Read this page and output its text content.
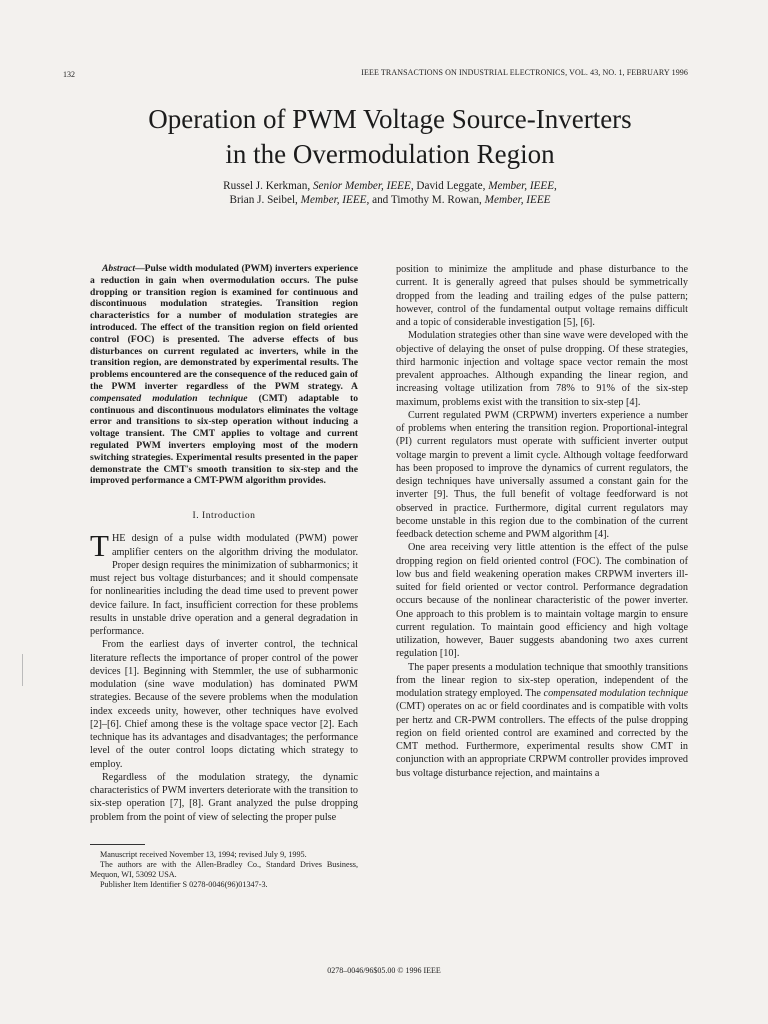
132	IEEE TRANSACTIONS ON INDUSTRIAL ELECTRONICS, VOL. 43, NO. 1, FEBRUARY 1996
Operation of PWM Voltage Source-Inverters
in the Overmodulation Region
Russel J. Kerkman, Senior Member, IEEE, David Leggate, Member, IEEE,
Brian J. Seibel, Member, IEEE, and Timothy M. Rowan, Member, IEEE

Abstract—Pulse width modulated (PWM) inverters experience a reduction in gain when overmodulation occurs. The pulse dropping or transition region is examined for continuous and discontinuous modulation strategies. Transition region characteristics for a number of modulation strategies are introduced. The effect of the transition region on field oriented control (FOC) is presented. The adverse effects of bus disturbances on current regulated ac inverters, while in the transition region, are demonstrated by experimental results. The problems encountered are the consequence of the reduced gain of the PWM inverter regardless of the PWM strategy. A compensated modulation technique (CMT) adaptable to continuous and discontinuous modulators eliminates the voltage error and transitions to six-step operation without inducing a voltage transient. The CMT applies to voltage and current regulated PWM inverters employing most of the modern switching strategies. Experimental results presented in the paper demonstrate the CMT's smooth transition to six-step and the improved performance a CMT-PWM algorithm provides.

I. Introduction

THE design of a pulse width modulated (PWM) power amplifier centers on the algorithm driving the modulator. Proper design requires the minimization of subharmonics; it must reject bus voltage disturbances; and it should compensate for nonlinearities including the dead time used to prevent power device failure. In fact, insufficient correction for these problems results in unstable drive operation and a general degradation in performance.

From the earliest days of inverter control, the technical literature reflects the importance of proper control of the power devices [1]. Beginning with Stemmler, the use of subharmonic modulation (sine wave modulation) has dominated PWM strategies. Because of the severe problems when the modulation index exceeds unity, however, other techniques have evolved [2]–[6]. Chief among these is the voltage space vector [2]. Each technique has its advantages and disadvantages; the performance level of the outer control loops dictating which strategy to employ.

Regardless of the modulation strategy, the dynamic characteristics of PWM inverters deteriorate with the transition to six-step operation [7], [8]. Grant analyzed the pulse dropping problem from the point of view of selecting the proper pulse

Manuscript received November 13, 1994; revised July 9, 1995.

The authors are with the Allen-Bradley Co., Standard Drives Business, Mequon, WI, 53092 USA.

Publisher Item Identifier S 0278-0046(96)01347-3.

position to minimize the amplitude and phase disturbance to the current. It is generally agreed that pulses should be symmetrically dropped from the leading and trailing edges of the pulse pattern; however, control of the fundamental output voltage remains difficult and a topic of considerable investigation [5], [6].

Modulation strategies other than sine wave were developed with the objective of delaying the onset of pulse dropping. Of these strategies, third harmonic injection and voltage space vector remain the most prevalent approaches. Although expanding the linear region, and increasing voltage utilization from 78% to 91% of the six-step maximum, problems exist with the transition to six-step [4].

Current regulated PWM (CRPWM) inverters experience a number of problems when entering the transition region. Proportional-integral (PI) current regulators must operate with sufficient inverter output voltage margin to prevent a limit cycle. Although voltage feedforward has been proposed to improve the dynamics of current regulators, the design techniques have universally assumed a constant gain for the inverter [9]. Thus, the full benefit of voltage feedforward is not observed in practice. Furthermore, digital current regulators may become unstable in this region due to the combination of the current feedback detection scheme and PWM algorithm [4].

One area receiving very little attention is the effect of the pulse dropping region on field oriented control (FOC). The combination of low bus and field weakening operation makes CRPWM inverters ill-suited for field oriented or vector control. Performance degradation occurs because of the nonlinear characteristic of the power inverter. One approach to this problem is to maintain voltage margin to ensure current regulation. To maintain good efficiency and high voltage utilization, however, Bauer suggests abandoning two axes current regulation [10].

The paper presents a modulation technique that smoothly transitions from the linear region to six-step operation, independent of the modulation strategy employed. The compensated modulation technique (CMT) operates on ac or field coordinates and is compatible with volts per hertz and CR-PWM controllers. The effects of the pulse dropping region on field oriented control are examined and corrected by the CMT method. Furthermore, experimental results show CMT in conjunction with an appropriate CRPWM controller provides improved bus voltage disturbance rejection, and maintains a

0278–0046/96$05.00 © 1996 IEEE
